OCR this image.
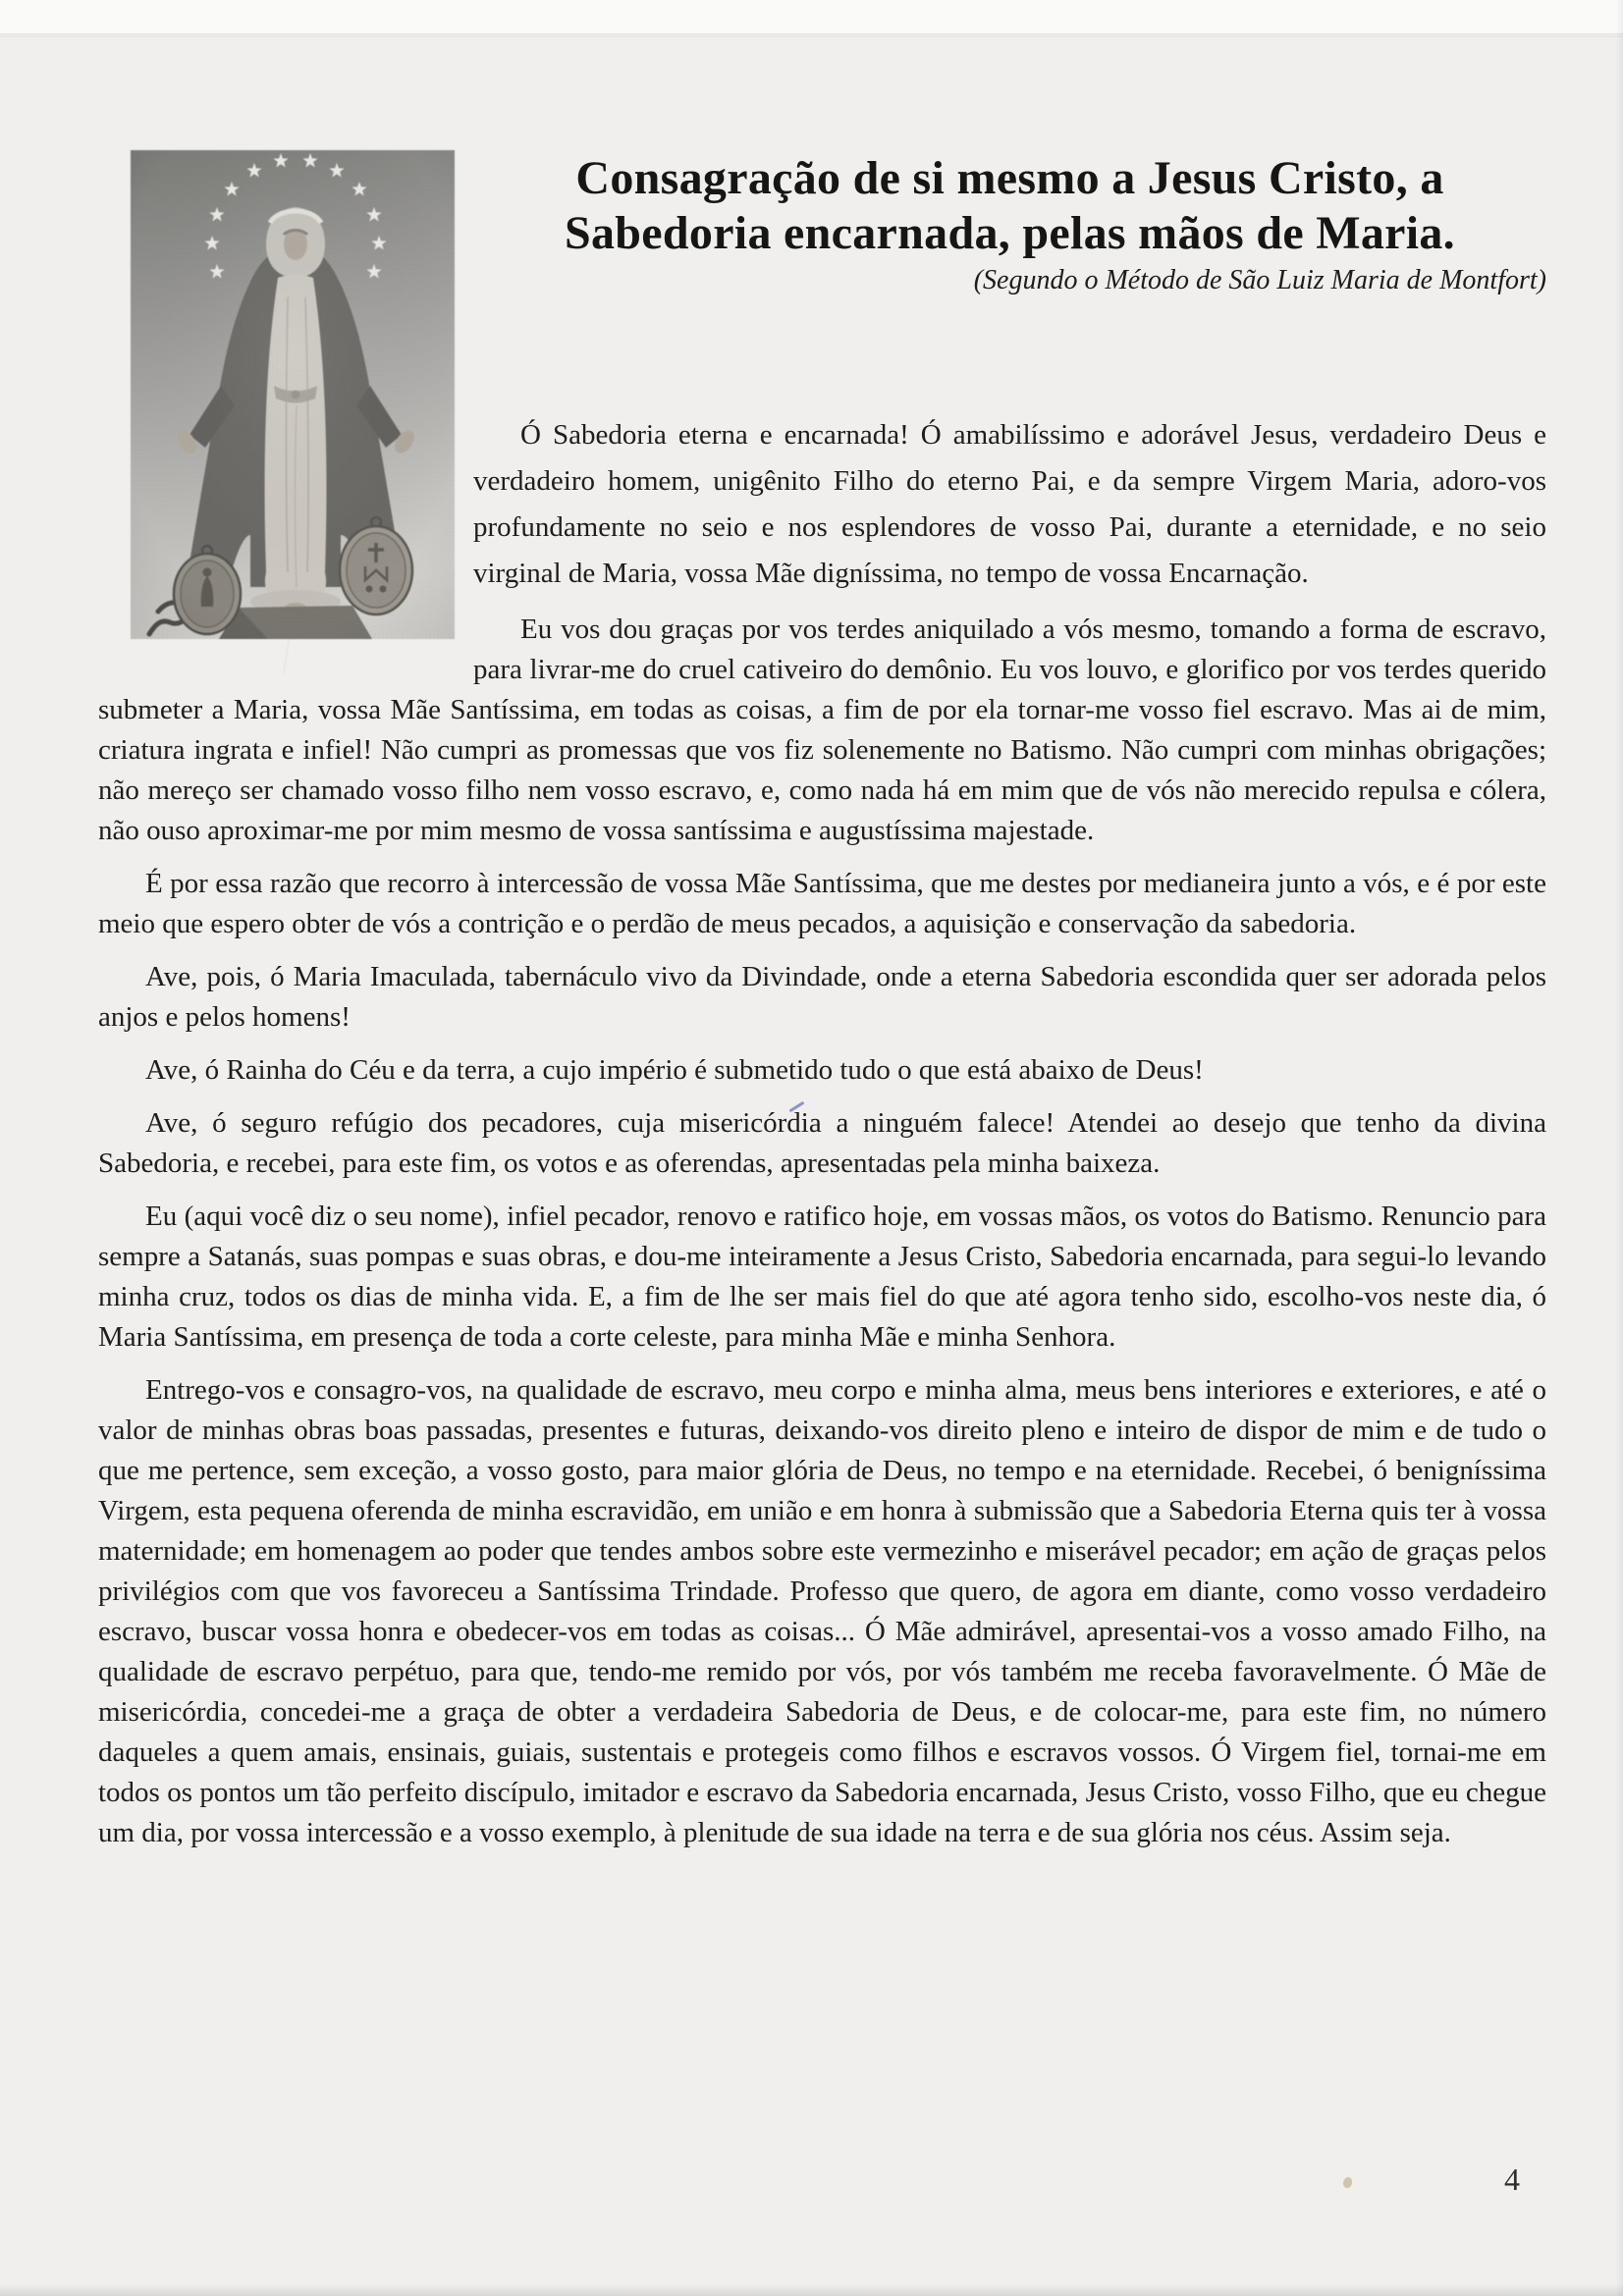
Consagração de si mesmo a Jesus Cristo, a
Sabedoria encarnada, pelas mãos de Maria.
(Segundo o Método de São Luiz Maria de Montfort)

Ó Sabedoria eterna e encarnada! Ó amabilíssimo e adorável Jesus, verdadeiro Deus e verdadeiro homem, unigênito Filho do eterno Pai, e da sempre Virgem Maria, adoro-vos profundamente no seio e nos esplendores de vosso Pai, durante a eternidade, e no seio virginal de Maria, vossa Mãe digníssima, no tempo de vossa Encarnação.

Eu vos dou graças por vos terdes aniquilado a vós mesmo, tomando a forma de escravo, para livrar-me do cruel cativeiro do demônio. Eu vos louvo, e glorifico por vos terdes querido submeter a Maria, vossa Mãe Santíssima, em todas as coisas, a fim de por ela tornar-me vosso fiel escravo. Mas ai de mim, criatura ingrata e infiel! Não cumpri as promessas que vos fiz solenemente no Batismo. Não cumpri com minhas obrigações; não mereço ser chamado vosso filho nem vosso escravo, e, como nada há em mim que de vós não merecido repulsa e cólera, não ouso aproximar-me por mim mesmo de vossa santíssima e augustíssima majestade.

É por essa razão que recorro à intercessão de vossa Mãe Santíssima, que me destes por medianeira junto a vós, e é por este meio que espero obter de vós a contrição e o perdão de meus pecados, a aquisição e conservação da sabedoria.

Ave, pois, ó Maria Imaculada, tabernáculo vivo da Divindade, onde a eterna Sabedoria escondida quer ser adorada pelos anjos e pelos homens!

Ave, ó Rainha do Céu e da terra, a cujo império é submetido tudo o que está abaixo de Deus!

Ave, ó seguro refúgio dos pecadores, cuja misericórdia a ninguém falece! Atendei ao desejo que tenho da divina Sabedoria, e recebei, para este fim, os votos e as oferendas, apresentadas pela minha baixeza.

Eu (aqui você diz o seu nome), infiel pecador, renovo e ratifico hoje, em vossas mãos, os votos do Batismo. Renuncio para sempre a Satanás, suas pompas e suas obras, e dou-me inteiramente a Jesus Cristo, Sabedoria encarnada, para segui-lo levando minha cruz, todos os dias de minha vida. E, a fim de lhe ser mais fiel do que até agora tenho sido, escolho-vos neste dia, ó Maria Santíssima, em presença de toda a corte celeste, para minha Mãe e minha Senhora.

Entrego-vos e consagro-vos, na qualidade de escravo, meu corpo e minha alma, meus bens interiores e exteriores, e até o valor de minhas obras boas passadas, presentes e futuras, deixando-vos direito pleno e inteiro de dispor de mim e de tudo o que me pertence, sem exceção, a vosso gosto, para maior glória de Deus, no tempo e na eternidade. Recebei, ó benigníssima Virgem, esta pequena oferenda de minha escravidão, em união e em honra à submissão que a Sabedoria Eterna quis ter à vossa maternidade; em homenagem ao poder que tendes ambos sobre este vermezinho e miserável pecador; em ação de graças pelos privilégios com que vos favoreceu a Santíssima Trindade. Professo que quero, de agora em diante, como vosso verdadeiro escravo, buscar vossa honra e obedecer-vos em todas as coisas... Ó Mãe admirável, apresentai-vos a vosso amado Filho, na qualidade de escravo perpétuo, para que, tendo-me remido por vós, por vós também me receba favoravelmente. Ó Mãe de misericórdia, concedei-me a graça de obter a verdadeira Sabedoria de Deus, e de colocar-me, para este fim, no número daqueles a quem amais, ensinais, guiais, sustentais e protegeis como filhos e escravos vossos. Ó Virgem fiel, tornai-me em todos os pontos um tão perfeito discípulo, imitador e escravo da Sabedoria encarnada, Jesus Cristo, vosso Filho, que eu chegue um dia, por vossa intercessão e a vosso exemplo, à plenitude de sua idade na terra e de sua glória nos céus. Assim seja.

4
